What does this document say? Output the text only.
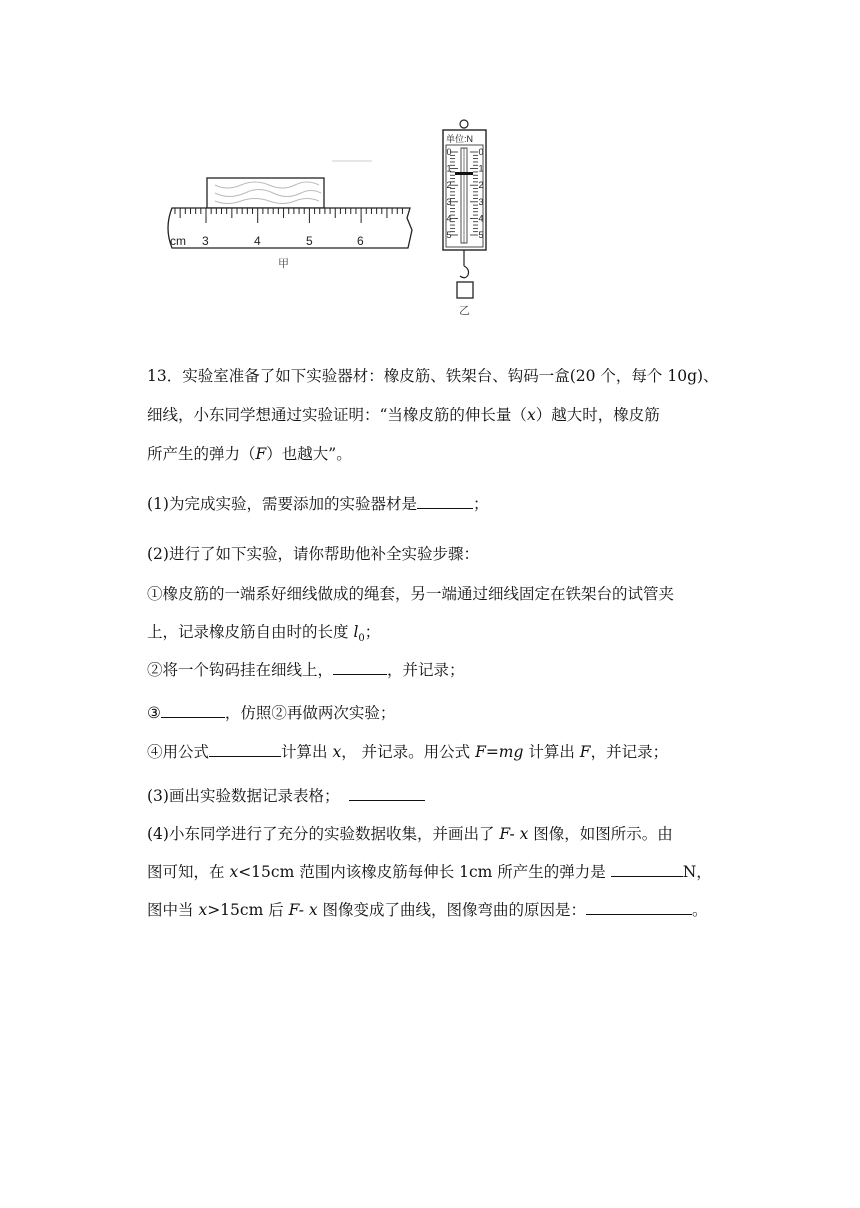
cm 3	4	5	6
甲
单位:N
0
1
2
3
4
5
0
1
2
3
4
5
乙
13．实验室准备了如下实验器材：橡皮筋、铁架台、钩码一盒(20 个，每个 10g)、
细线，小东同学想通过实验证明：“当橡皮筋的伸长量（x）越大时，橡皮筋
所产生的弹力（F）也越大”。
(1)为完成实验，需要添加的实验器材是	；
(2)进行了如下实验，请你帮助他补全实验步骤：
①橡皮筋的一端系好细线做成的绳套，另一端通过细线固定在铁架台的试管夹
上，记录橡皮筋自由时的长度 $l_0$；
②将一个钩码挂在细线上，	，并记录；
③	，仿照②再做两次实验；
④用公式	计算出 x， 并记录。用公式 F=mg 计算出 F，并记录；
(3)画出实验数据记录表格；
(4)小东同学进行了充分的实验数据收集，并画出了 F- x 图像，如图所示。由
图可知，在 x<15cm 范围内该橡皮筋每伸长 1cm 所产生的弹力是	N，
图中当 x>15cm 后 F- x 图像变成了曲线，图像弯曲的原因是：	。
